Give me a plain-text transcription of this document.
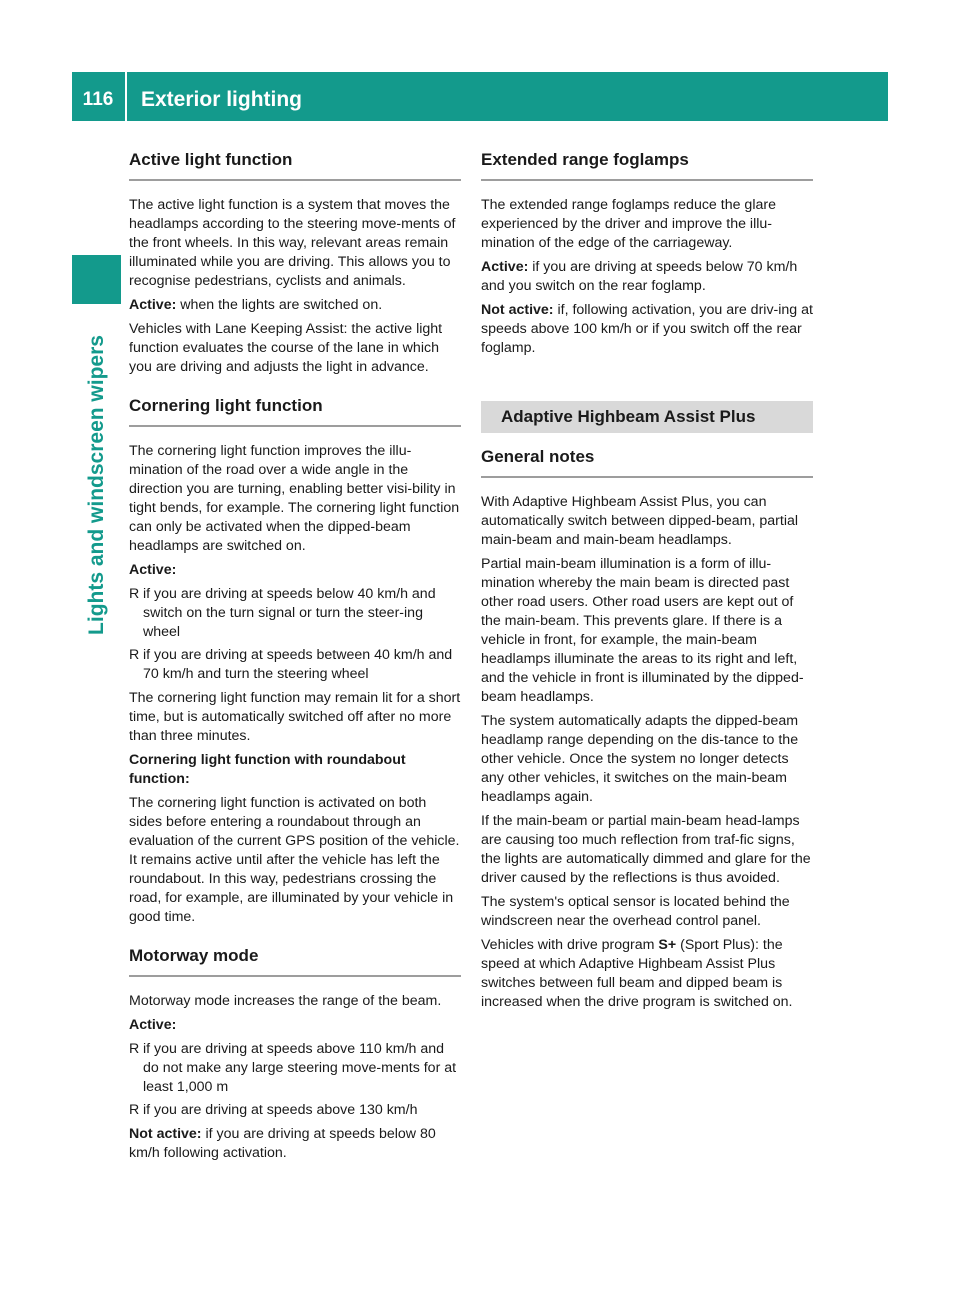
116	Exterior lighting
Lights and windscreen wipers
Active light function

The active light function is a system that moves the headlamps according to the steering move-ments of the front wheels. In this way, relevant areas remain illuminated while you are driving. This allows you to recognise pedestrians, cyclists and animals.

Active: when the lights are switched on.

Vehicles with Lane Keeping Assist: the active light function evaluates the course of the lane in which you are driving and adjusts the light in advance.

Cornering light function

The cornering light function improves the illu-mination of the road over a wide angle in the direction you are turning, enabling better visi-bility in tight bends, for example. The cornering light function can only be activated when the dipped-beam headlamps are switched on.

Active:

R if you are driving at speeds below 40 km/h and switch on the turn signal or turn the steer-ing wheel
R if you are driving at speeds between 40 km/h and 70 km/h and turn the steering wheel

The cornering light function may remain lit for a short time, but is automatically switched off after no more than three minutes.

Cornering light function with roundabout function:

The cornering light function is activated on both sides before entering a roundabout through an evaluation of the current GPS position of the vehicle. It remains active until after the vehicle has left the roundabout. In this way, pedestrians crossing the road, for example, are illuminated by your vehicle in good time.

Motorway mode

Motorway mode increases the range of the beam.

Active:

R if you are driving at speeds above 110 km/h and do not make any large steering move-ments for at least 1,000 m
R if you are driving at speeds above 130 km/h

Not active: if you are driving at speeds below 80 km/h following activation.

Extended range foglamps

The extended range foglamps reduce the glare experienced by the driver and improve the illu-mination of the edge of the carriageway.

Active: if you are driving at speeds below 70 km/h and you switch on the rear foglamp.

Not active: if, following activation, you are driv-ing at speeds above 100 km/h or if you switch off the rear foglamp.

Adaptive Highbeam Assist Plus
General notes

With Adaptive Highbeam Assist Plus, you can automatically switch between dipped-beam, partial main-beam and main-beam headlamps.

Partial main-beam illumination is a form of illu-mination whereby the main beam is directed past other road users. Other road users are kept out of the main-beam. This prevents glare. If there is a vehicle in front, for example, the main-beam headlamps illuminate the areas to its right and left, and the vehicle in front is illuminated by the dipped-beam headlamps.

The system automatically adapts the dipped-beam headlamp range depending on the dis-tance to the other vehicle. Once the system no longer detects any other vehicles, it switches on the main-beam headlamps again.

If the main-beam or partial main-beam head-lamps are causing too much reflection from traf-fic signs, the lights are automatically dimmed and glare for the driver caused by the reflections is thus avoided.

The system's optical sensor is located behind the windscreen near the overhead control panel.

Vehicles with drive program S+ (Sport Plus): the speed at which Adaptive Highbeam Assist Plus switches between full beam and dipped beam is increased when the drive program is switched on.
